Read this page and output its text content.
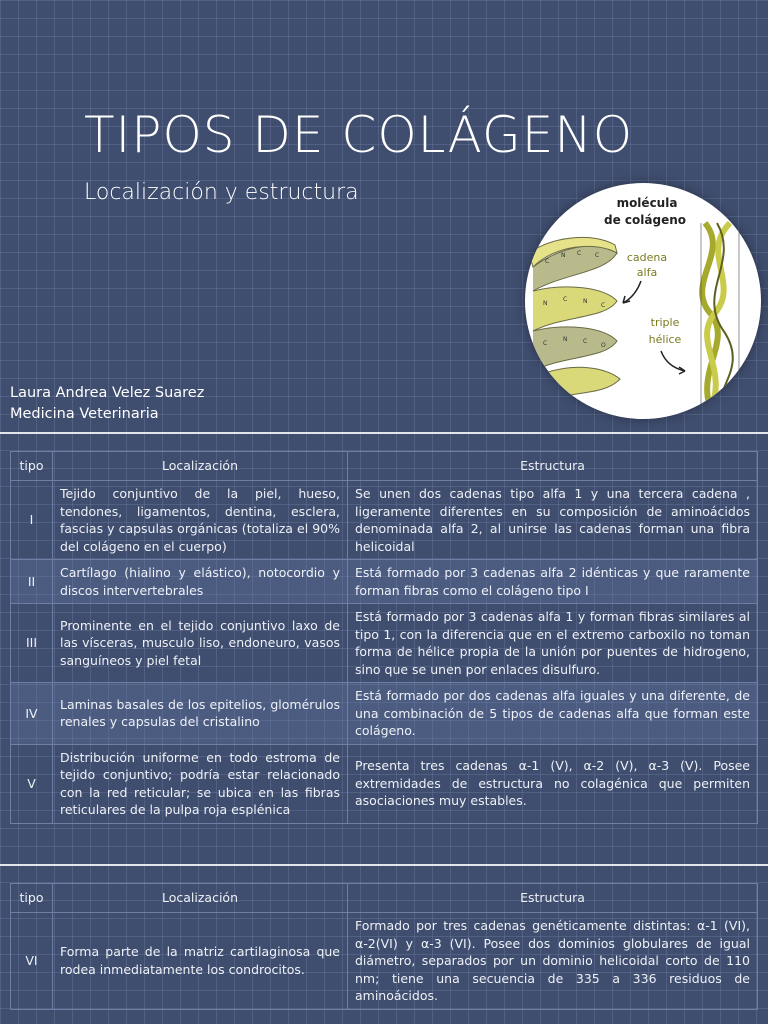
TIPOS DE COLÁGENO
Localización y estructura	molécula
de colágeno
C
N C C
N
C	N
C
C
N	C
O
cadena
alfa
triple
hélice
Laura Andrea Velez Suarez
Medicina Veterinaria
tipo	Localización	Estructura
I	Tejido conjuntivo de la piel, hueso, tendones, ligamentos, dentina, esclera, fascias y capsulas orgánicas (totaliza el 90% del colágeno en el cuerpo)	Se unen dos cadenas tipo alfa 1 y una tercera cadena , ligeramente diferentes en su composición de aminoácidos denominada alfa 2, al unirse las cadenas forman una fibra helicoidal
II	Cartílago (hialino y elástico), notocordio y discos intervertebrales	Está formado por 3 cadenas alfa 2 idénticas y que raramente forman fibras como el colágeno tipo I
III	Prominente en el tejido conjuntivo laxo de las vísceras, musculo liso, endoneuro, vasos sanguíneos y piel fetal	Está formado por 3 cadenas alfa 1 y forman fibras similares al tipo 1, con la diferencia que en el extremo carboxilo no toman forma de hélice propia de la unión por puentes de hidrogeno, sino que se unen por enlaces disulfuro.
IV	Laminas basales de los epitelios, glomérulos renales y capsulas del cristalino	Está formado por dos cadenas alfa iguales y una diferente, de una combinación de 5 tipos de cadenas alfa que forman este colágeno.
V	Distribución uniforme en todo estroma de tejido conjuntivo; podría estar relacionado con la red reticular; se ubica en las fibras reticulares de la pulpa roja esplénica	Presenta tres cadenas α-1 (V), α-2 (V), α-3 (V). Posee extremidades de estructura no colagénica que permiten asociaciones muy estables.
tipo	Localización	Estructura
VI	Forma parte de la matriz cartilaginosa que rodea inmediatamente los condrocitos.	Formado por tres cadenas genéticamente distintas: α-1 (VI), α-2(VI) y α-3 (VI). Posee dos dominios globulares de igual diámetro, separados por un dominio helicoidal corto de 110 nm; tiene una secuencia de 335 a 336 residuos de aminoácidos.
